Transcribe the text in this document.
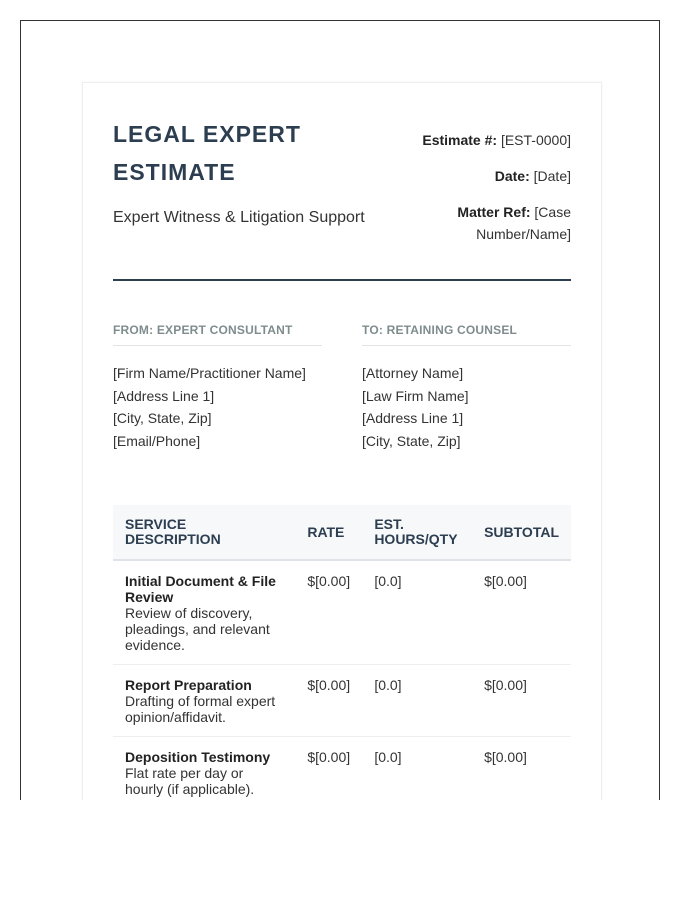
LEGAL EXPERT ESTIMATE
Expert Witness & Litigation Support
Estimate #: [EST-0000]
Date: [Date]
Matter Ref: [Case Number/Name]
FROM: EXPERT CONSULTANT
[Firm Name/Practitioner Name]
[Address Line 1]
[City, State, Zip]
[Email/Phone]
TO: RETAINING COUNSEL
[Attorney Name]
[Law Firm Name]
[Address Line 1]
[City, State, Zip]
SERVICE DESCRIPTION	RATE	EST. HOURS/QTY	SUBTOTAL

Initial Document & File Review
Review of discovery, pleadings, and relevant evidence.	$[0.00]	[0.0]	$[0.00]

Report Preparation
Drafting of formal expert opinion/affidavit.	$[0.00]	[0.0]	$[0.00]

Deposition Testimony
Flat rate per day or hourly (if applicable).	$[0.00]	[0.0]	$[0.00]
